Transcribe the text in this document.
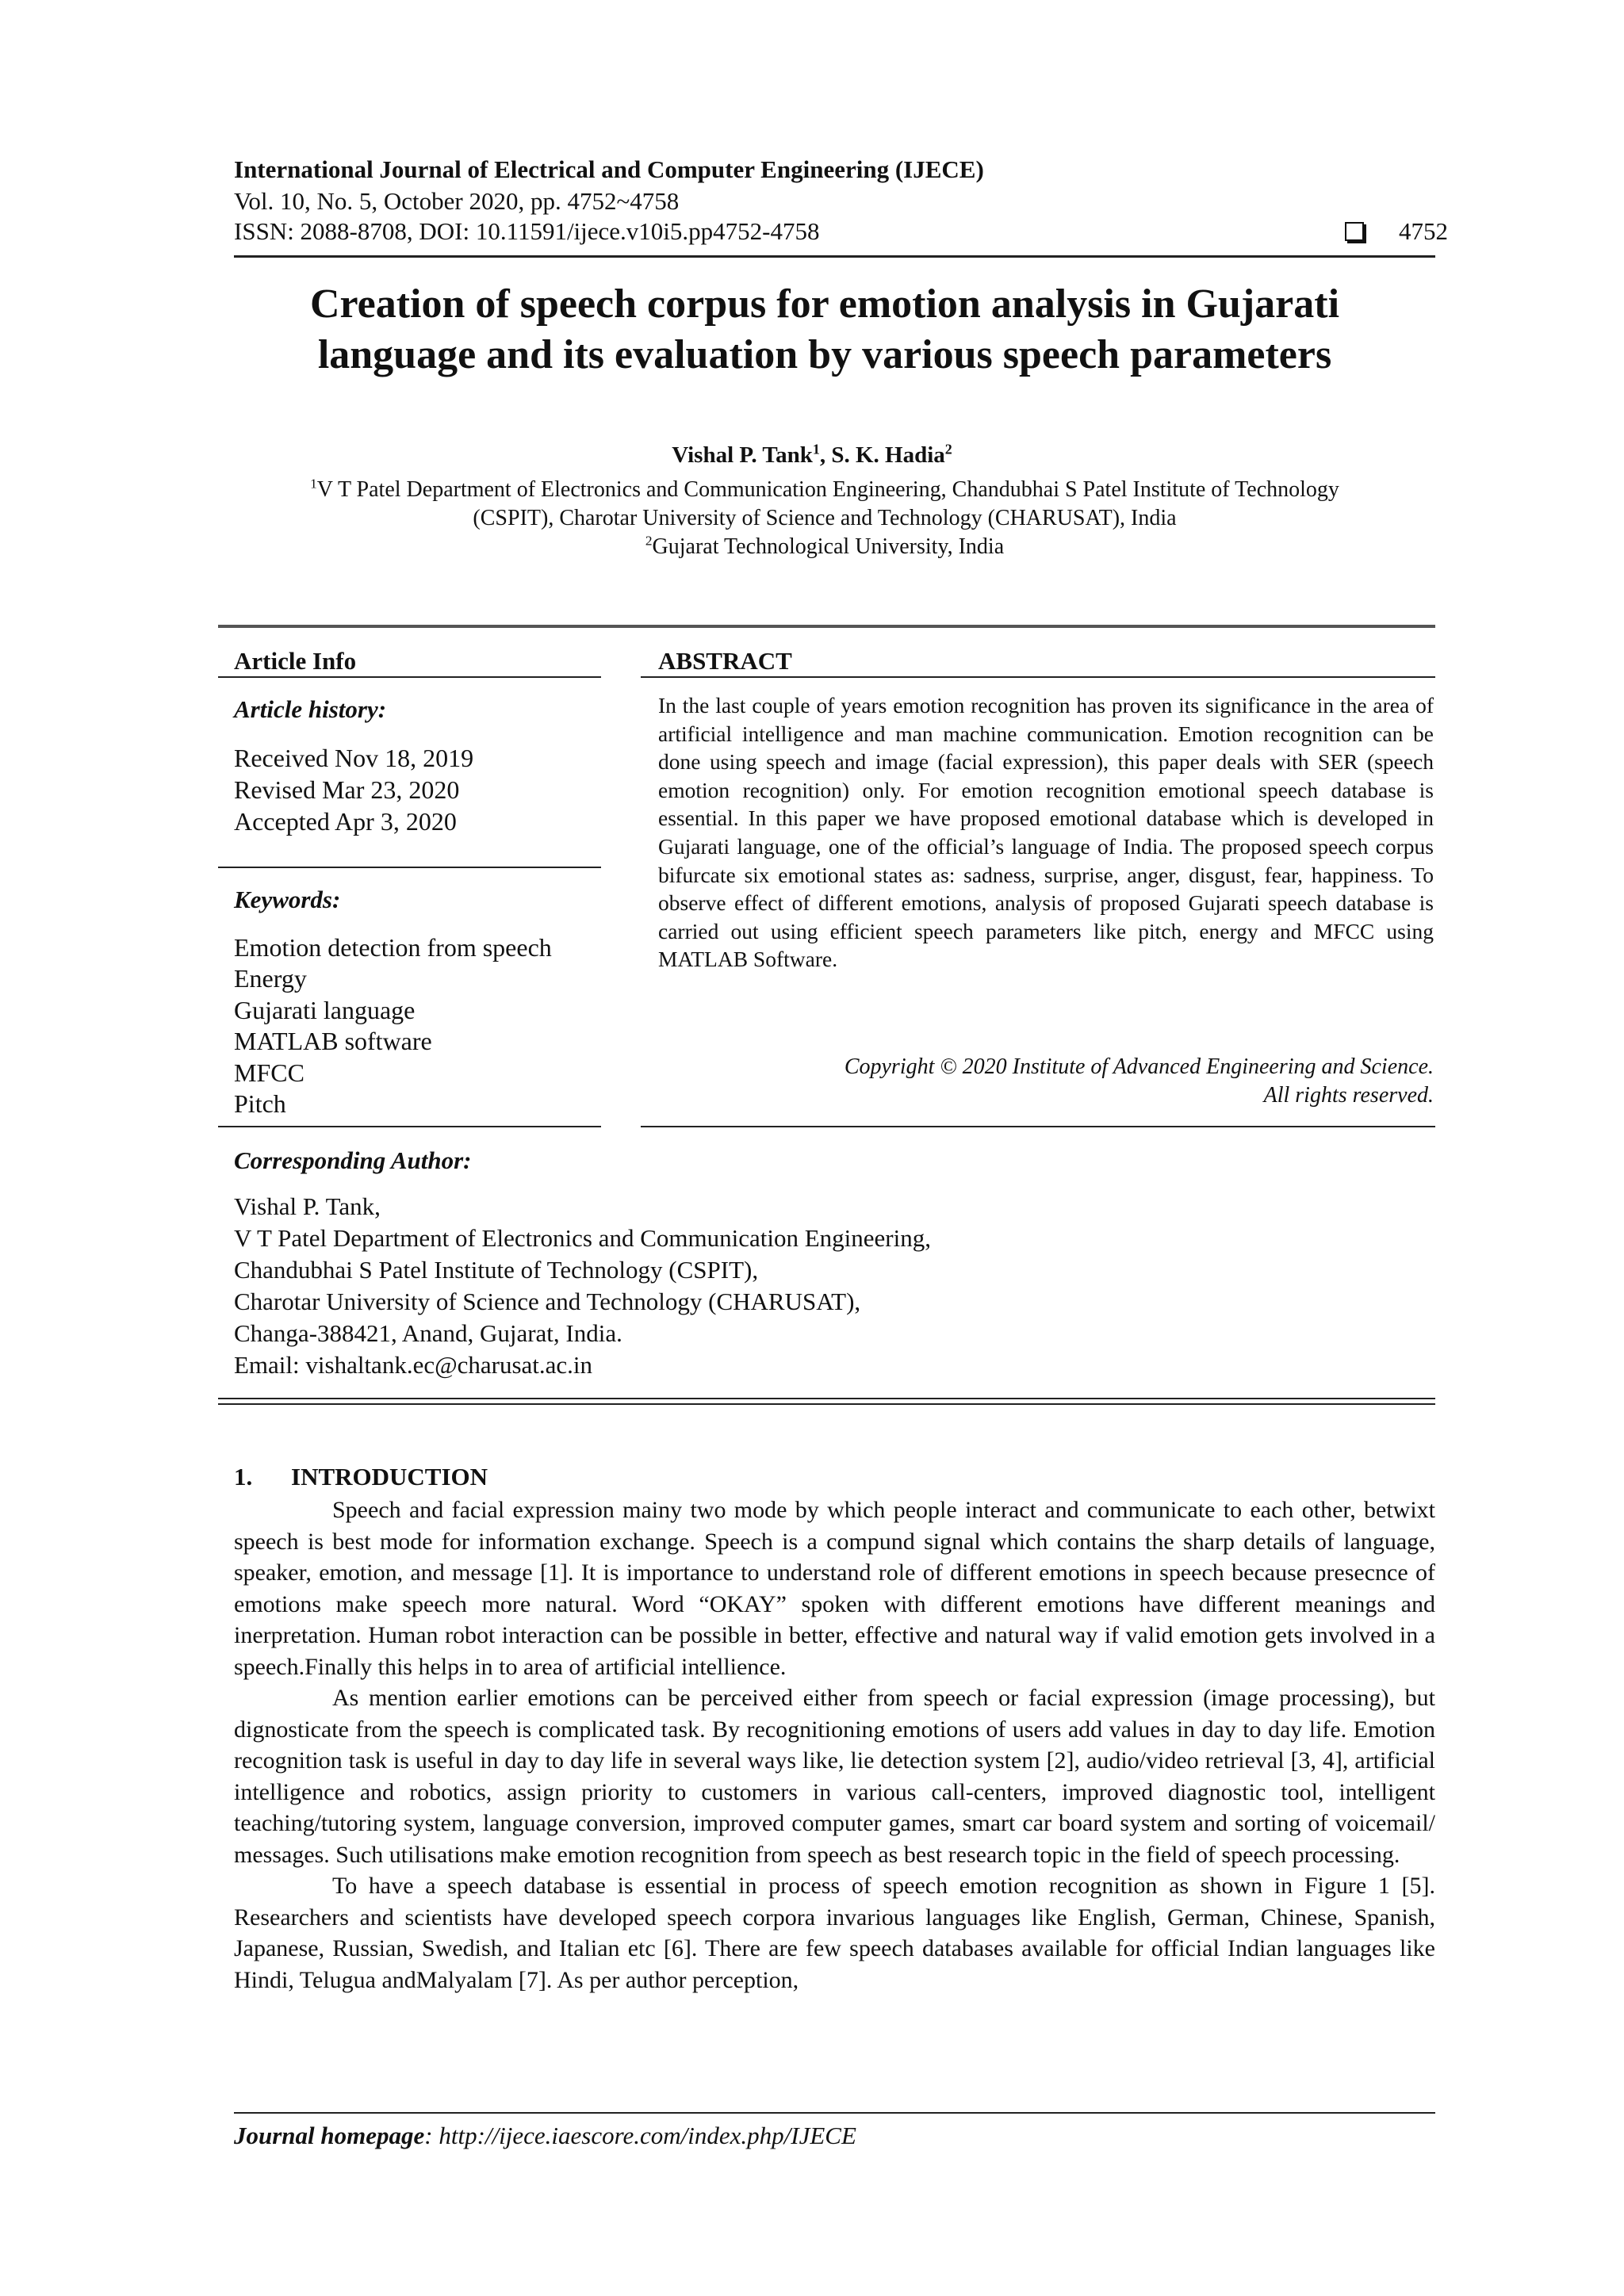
International Journal of Electrical and Computer Engineering (IJECE)
Vol. 10, No. 5, October 2020, pp. 4752~4758
ISSN: 2088-8708, DOI: 10.11591/ijece.v10i5.pp4752-4758	4752
Creation of speech corpus for emotion analysis in Gujarati
language and its evaluation by various speech parameters
Vishal P. Tank$^1$, S. K. Hadia$^2$
$^1$V T Patel Department of Electronics and Communication Engineering, Chandubhai S Patel Institute of Technology
(CSPIT), Charotar University of Science and Technology (CHARUSAT), India
$^2$Gujarat Technological University, India
Article Info
Article history:
Received Nov 18, 2019
Revised Mar 23, 2020
Accepted Apr 3, 2020
Keywords:
Emotion detection from speech
Energy
Gujarati language
MATLAB software
MFCC
Pitch
ABSTRACT
In the last couple of years emotion recognition has proven its significance in the area of artificial intelligence and man machine communication. Emotion recognition can be done using speech and image (facial expression), this paper deals with SER (speech emotion recognition) only. For emotion recognition emotional speech database is essential. In this paper we have proposed emotional database which is developed in Gujarati language, one of the official’s language of India. The proposed speech corpus bifurcate six emotional states as: sadness, surprise, anger, disgust, fear, happiness. To observe effect of different emotions, analysis of proposed Gujarati speech database is carried out using efficient speech parameters like pitch, energy and MFCC using MATLAB Software.
Copyright © 2020 Institute of Advanced Engineering and Science.
All rights reserved.
Corresponding Author:
Vishal P. Tank,
V T Patel Department of Electronics and Communication Engineering,
Chandubhai S Patel Institute of Technology (CSPIT),
Charotar University of Science and Technology (CHARUSAT),
Changa-388421, Anand, Gujarat, India.
Email: vishaltank.ec@charusat.ac.in
1. INTRODUCTION

Speech and facial expression mainy two mode by which people interact and communicate to each other, betwixt speech is best mode for information exchange. Speech is a compund signal which contains the sharp details of language, speaker, emotion, and message [1]. It is importance to understand role of different emotions in speech because presecnce of emotions make speech more natural. Word “OKAY” spoken with different emotions have different meanings and inerpretation. Human robot interaction can be possible in better, effective and natural way if valid emotion gets involved in a speech.Finally this helps in to area of artificial intellience.

As mention earlier emotions can be perceived either from speech or facial expression (image processing), but dignosticate from the speech is complicated task. By recognitioning emotions of users add values in day to day life. Emotion recognition task is useful in day to day life in several ways like, lie detection system [2], audio/video retrieval [3, 4], artificial intelligence and robotics, assign priority to customers in various call-centers, improved diagnostic tool, intelligent teaching/tutoring system, language conversion, improved computer games, smart car board system and sorting of voicemail/ messages. Such utilisations make emotion recognition from speech as best research topic in the field of speech processing.

To have a speech database is essential in process of speech emotion recognition as shown in Figure 1 [5]. Researchers and scientists have developed speech corpora invarious languages like English, German, Chinese, Spanish, Japanese, Russian, Swedish, and Italian etc [6]. There are few speech databases available for official Indian languages like Hindi, Telugua andMalyalam [7]. As per author perception,

Journal homepage: http://ijece.iaescore.com/index.php/IJECE
